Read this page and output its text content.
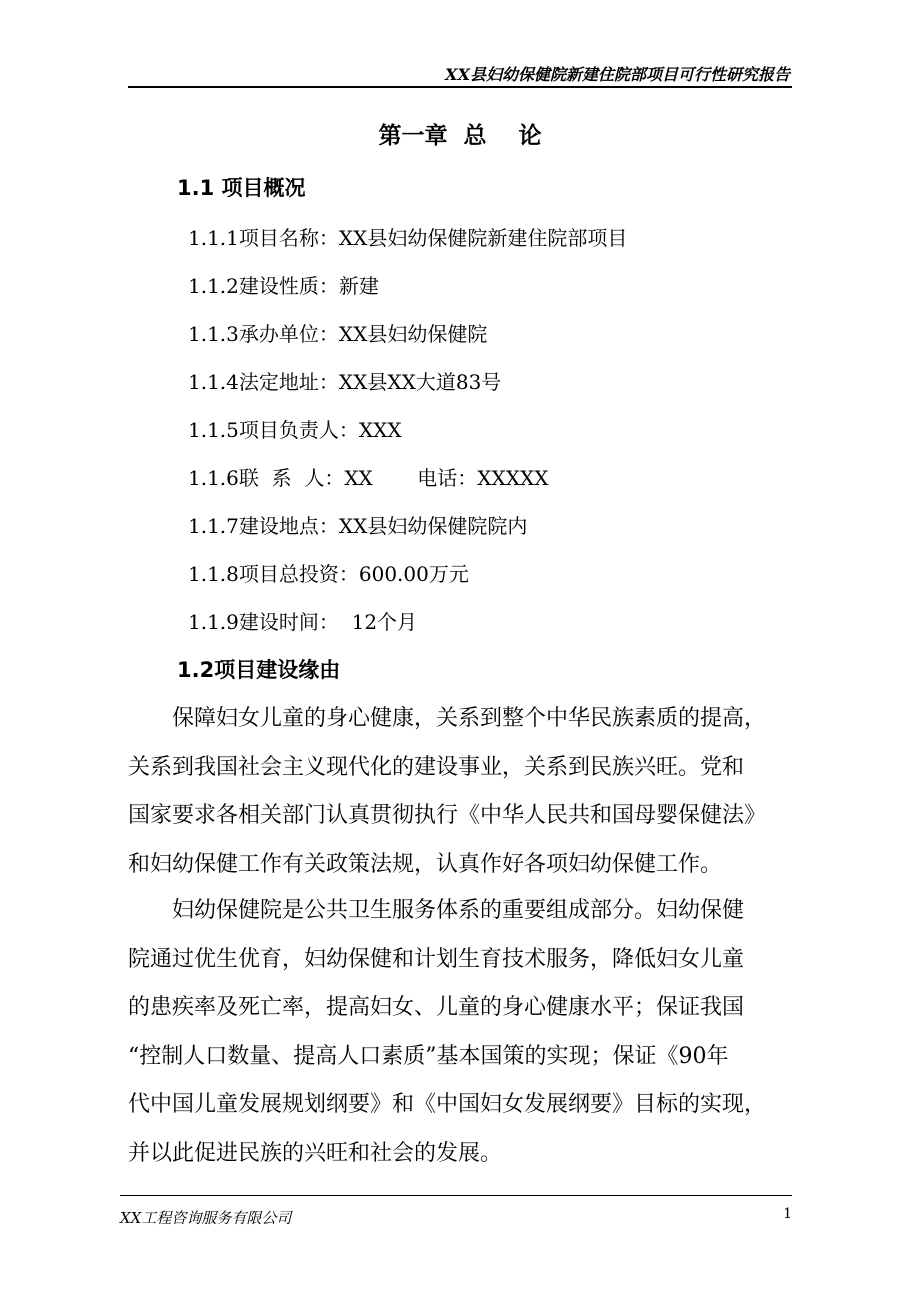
XX县妇幼保健院新建住院部项目可行性研究报告
第一章  总    论
1.1 项目概况
1.1.1项目名称：XX县妇幼保健院新建住院部项目
1.1.2建设性质：新建
1.1.3承办单位：XX县妇幼保健院
1.1.4法定地址：XX县XX大道83号
1.1.5项目负责人：XXX
1.1.6联  系  人：XX       电话：XXXXX
1.1.7建设地点：XX县妇幼保健院院内
1.1.8项目总投资：600.00万元
1.1.9建设时间：  12个月
1.2项目建设缘由
　　保障妇女儿童的身心健康，关系到整个中华民族素质的提高，
关系到我国社会主义现代化的建设事业，关系到民族兴旺。党和
国家要求各相关部门认真贯彻执行《中华人民共和国母婴保健法》
和妇幼保健工作有关政策法规，认真作好各项妇幼保健工作。
　　妇幼保健院是公共卫生服务体系的重要组成部分。妇幼保健
院通过优生优育，妇幼保健和计划生育技术服务，降低妇女儿童
的患疾率及死亡率，提高妇女、儿童的身心健康水平；保证我国
“控制人口数量、提高人口素质”基本国策的实现；保证《90年
代中国儿童发展规划纲要》和《中国妇女发展纲要》目标的实现，
并以此促进民族的兴旺和社会的发展。
XX工程咨询服务有限公司	1
